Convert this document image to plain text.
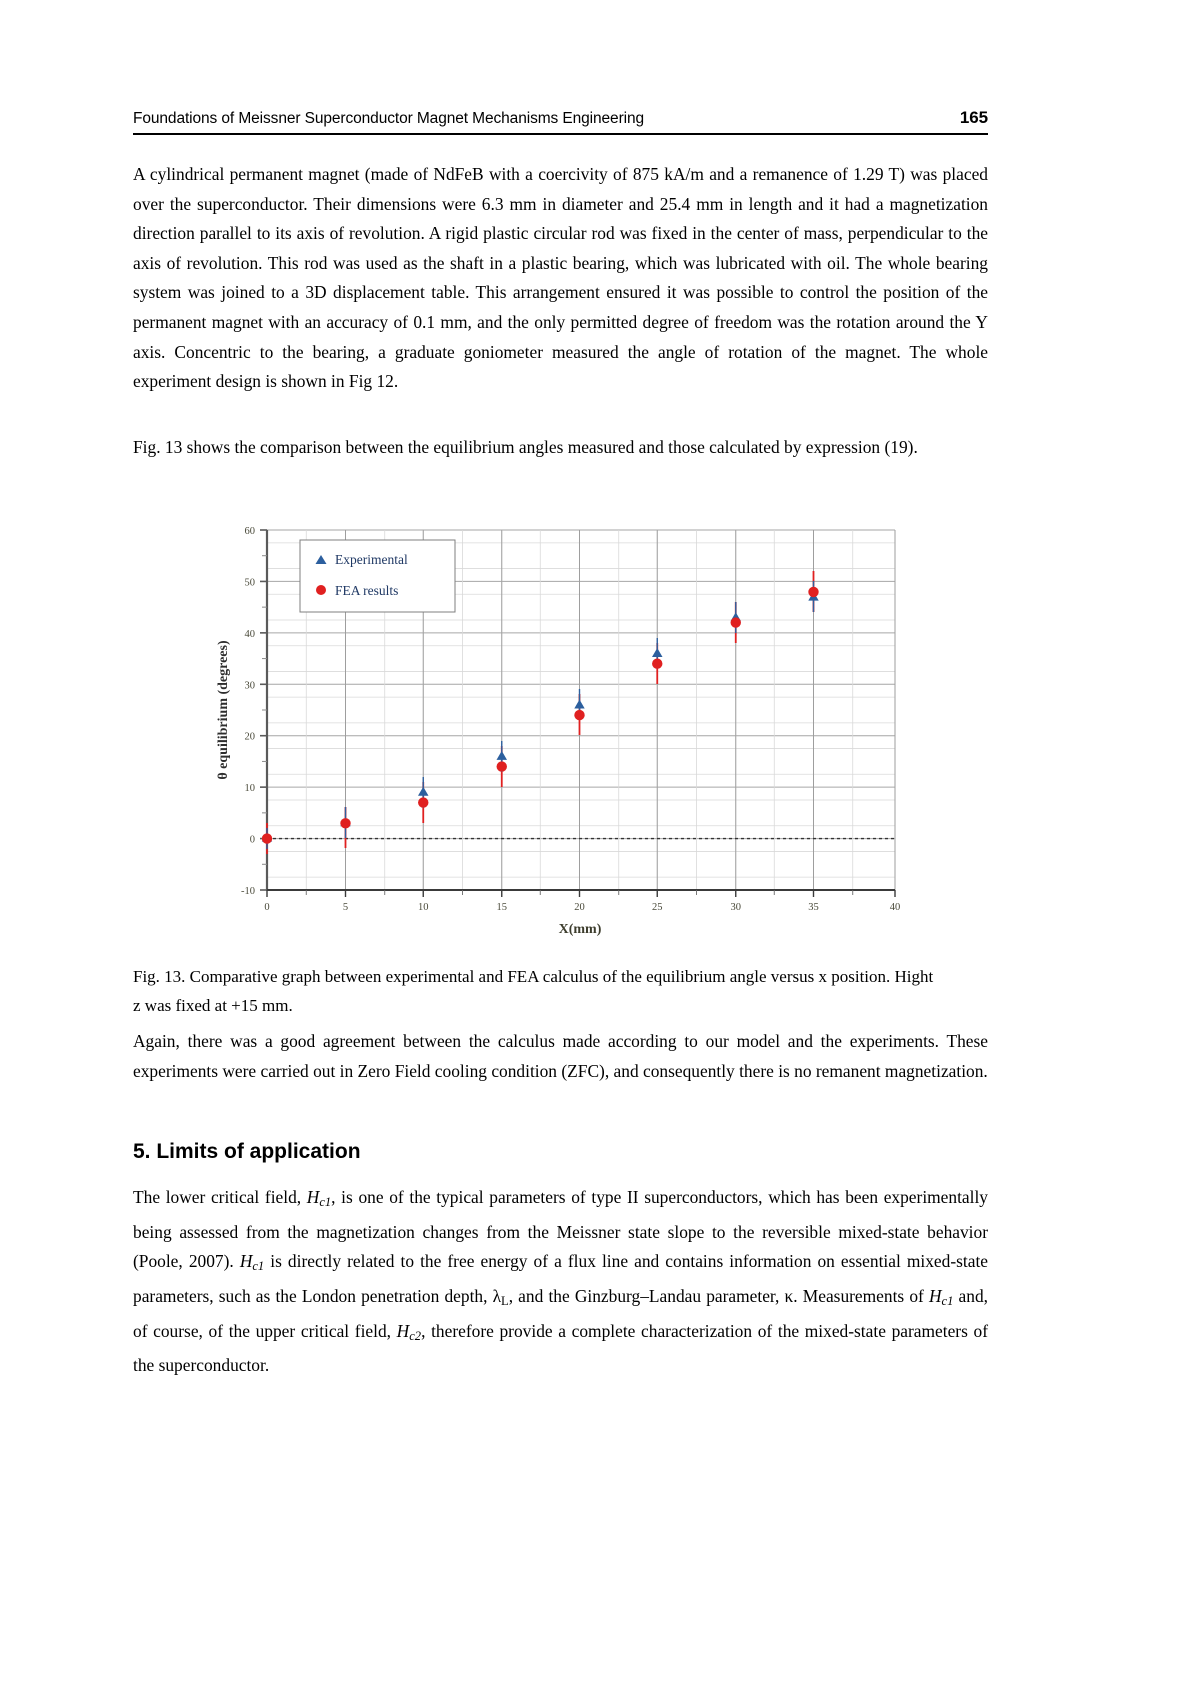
Foundations of Meissner Superconductor Magnet Mechanisms Engineering	165
A cylindrical permanent magnet (made of NdFeB with a coercivity of 875 kA/m and a remanence of 1.29 T) was placed over the superconductor. Their dimensions were 6.3 mm in diameter and 25.4 mm in length and it had a magnetization direction parallel to its axis of revolution. A rigid plastic circular rod was fixed in the center of mass, perpendicular to the axis of revolution. This rod was used as the shaft in a plastic bearing, which was lubricated with oil. The whole bearing system was joined to a 3D displacement table. This arrangement ensured it was possible to control the position of the permanent magnet with an accuracy of 0.1 mm, and the only permitted degree of freedom was the rotation around the Y axis. Concentric to the bearing, a graduate goniometer measured the angle of rotation of the magnet. The whole experiment design is shown in Fig 12.
Fig. 13 shows the comparison between the equilibrium angles measured and those calculated by expression (19).
60
50
40
30
20
10
0
-10
0	5	10	15	20	25	30	35	40
X(mm)
θ equilibrium (degrees)
Experimental
FEA results
Fig. 13. Comparative graph between experimental and FEA calculus of the equilibrium angle versus x position. Hight z was fixed at +15 mm.
Again, there was a good agreement between the calculus made according to our model and the experiments. These experiments were carried out in Zero Field cooling condition (ZFC), and consequently there is no remanent magnetization.
5. Limits of application
The lower critical field, $H_{c1}$, is one of the typical parameters of type II superconductors, which has been experimentally being assessed from the magnetization changes from the Meissner state slope to the reversible mixed-state behavior (Poole, 2007). $H_{c1}$ is directly related to the free energy of a flux line and contains information on essential mixed-state parameters, such as the London penetration depth, $\lambda_L$, and the Ginzburg–Landau parameter, κ. Measurements of $H_{c1}$ and, of course, of the upper critical field, $H_{c2}$, therefore provide a complete characterization of the mixed-state parameters of the superconductor.
